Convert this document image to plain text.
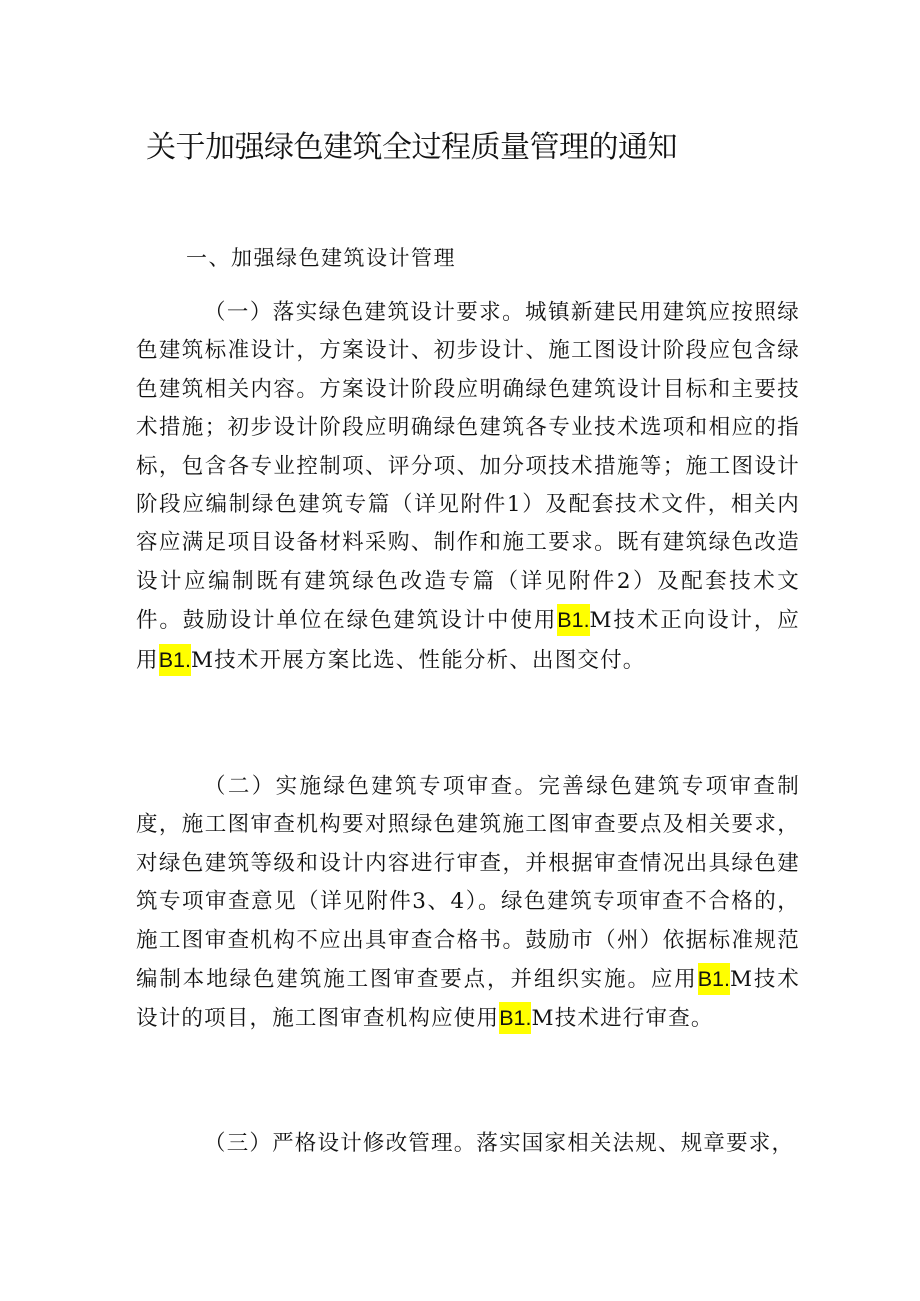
关于加强绿色建筑全过程质量管理的通知
一、加强绿色建筑设计管理

（一）落实绿色建筑设计要求。城镇新建民用建筑应按照绿色建筑标准设计，方案设计、初步设计、施工图设计阶段应包含绿色建筑相关内容。方案设计阶段应明确绿色建筑设计目标和主要技术措施；初步设计阶段应明确绿色建筑各专业技术选项和相应的指标，包含各专业控制项、评分项、加分项技术措施等；施工图设计阶段应编制绿色建筑专篇（详见附件1）及配套技术文件，相关内容应满足项目设备材料采购、制作和施工要求。既有建筑绿色改造设计应编制既有建筑绿色改造专篇（详见附件2）及配套技术文件。鼓励设计单位在绿色建筑设计中使用B1.M技术正向设计，应用B1.M技术开展方案比选、性能分析、出图交付。

（二）实施绿色建筑专项审查。完善绿色建筑专项审查制度，施工图审查机构要对照绿色建筑施工图审查要点及相关要求，对绿色建筑等级和设计内容进行审查，并根据审查情况出具绿色建筑专项审查意见（详见附件3、4）。绿色建筑专项审查不合格的，施工图审查机构不应出具审查合格书。鼓励市（州）依据标准规范编制本地绿色建筑施工图审查要点，并组织实施。应用B1.M技术设计的项目，施工图审查机构应使用B1.M技术进行审查。

（三）严格设计修改管理。落实国家相关法规、规章要求，
